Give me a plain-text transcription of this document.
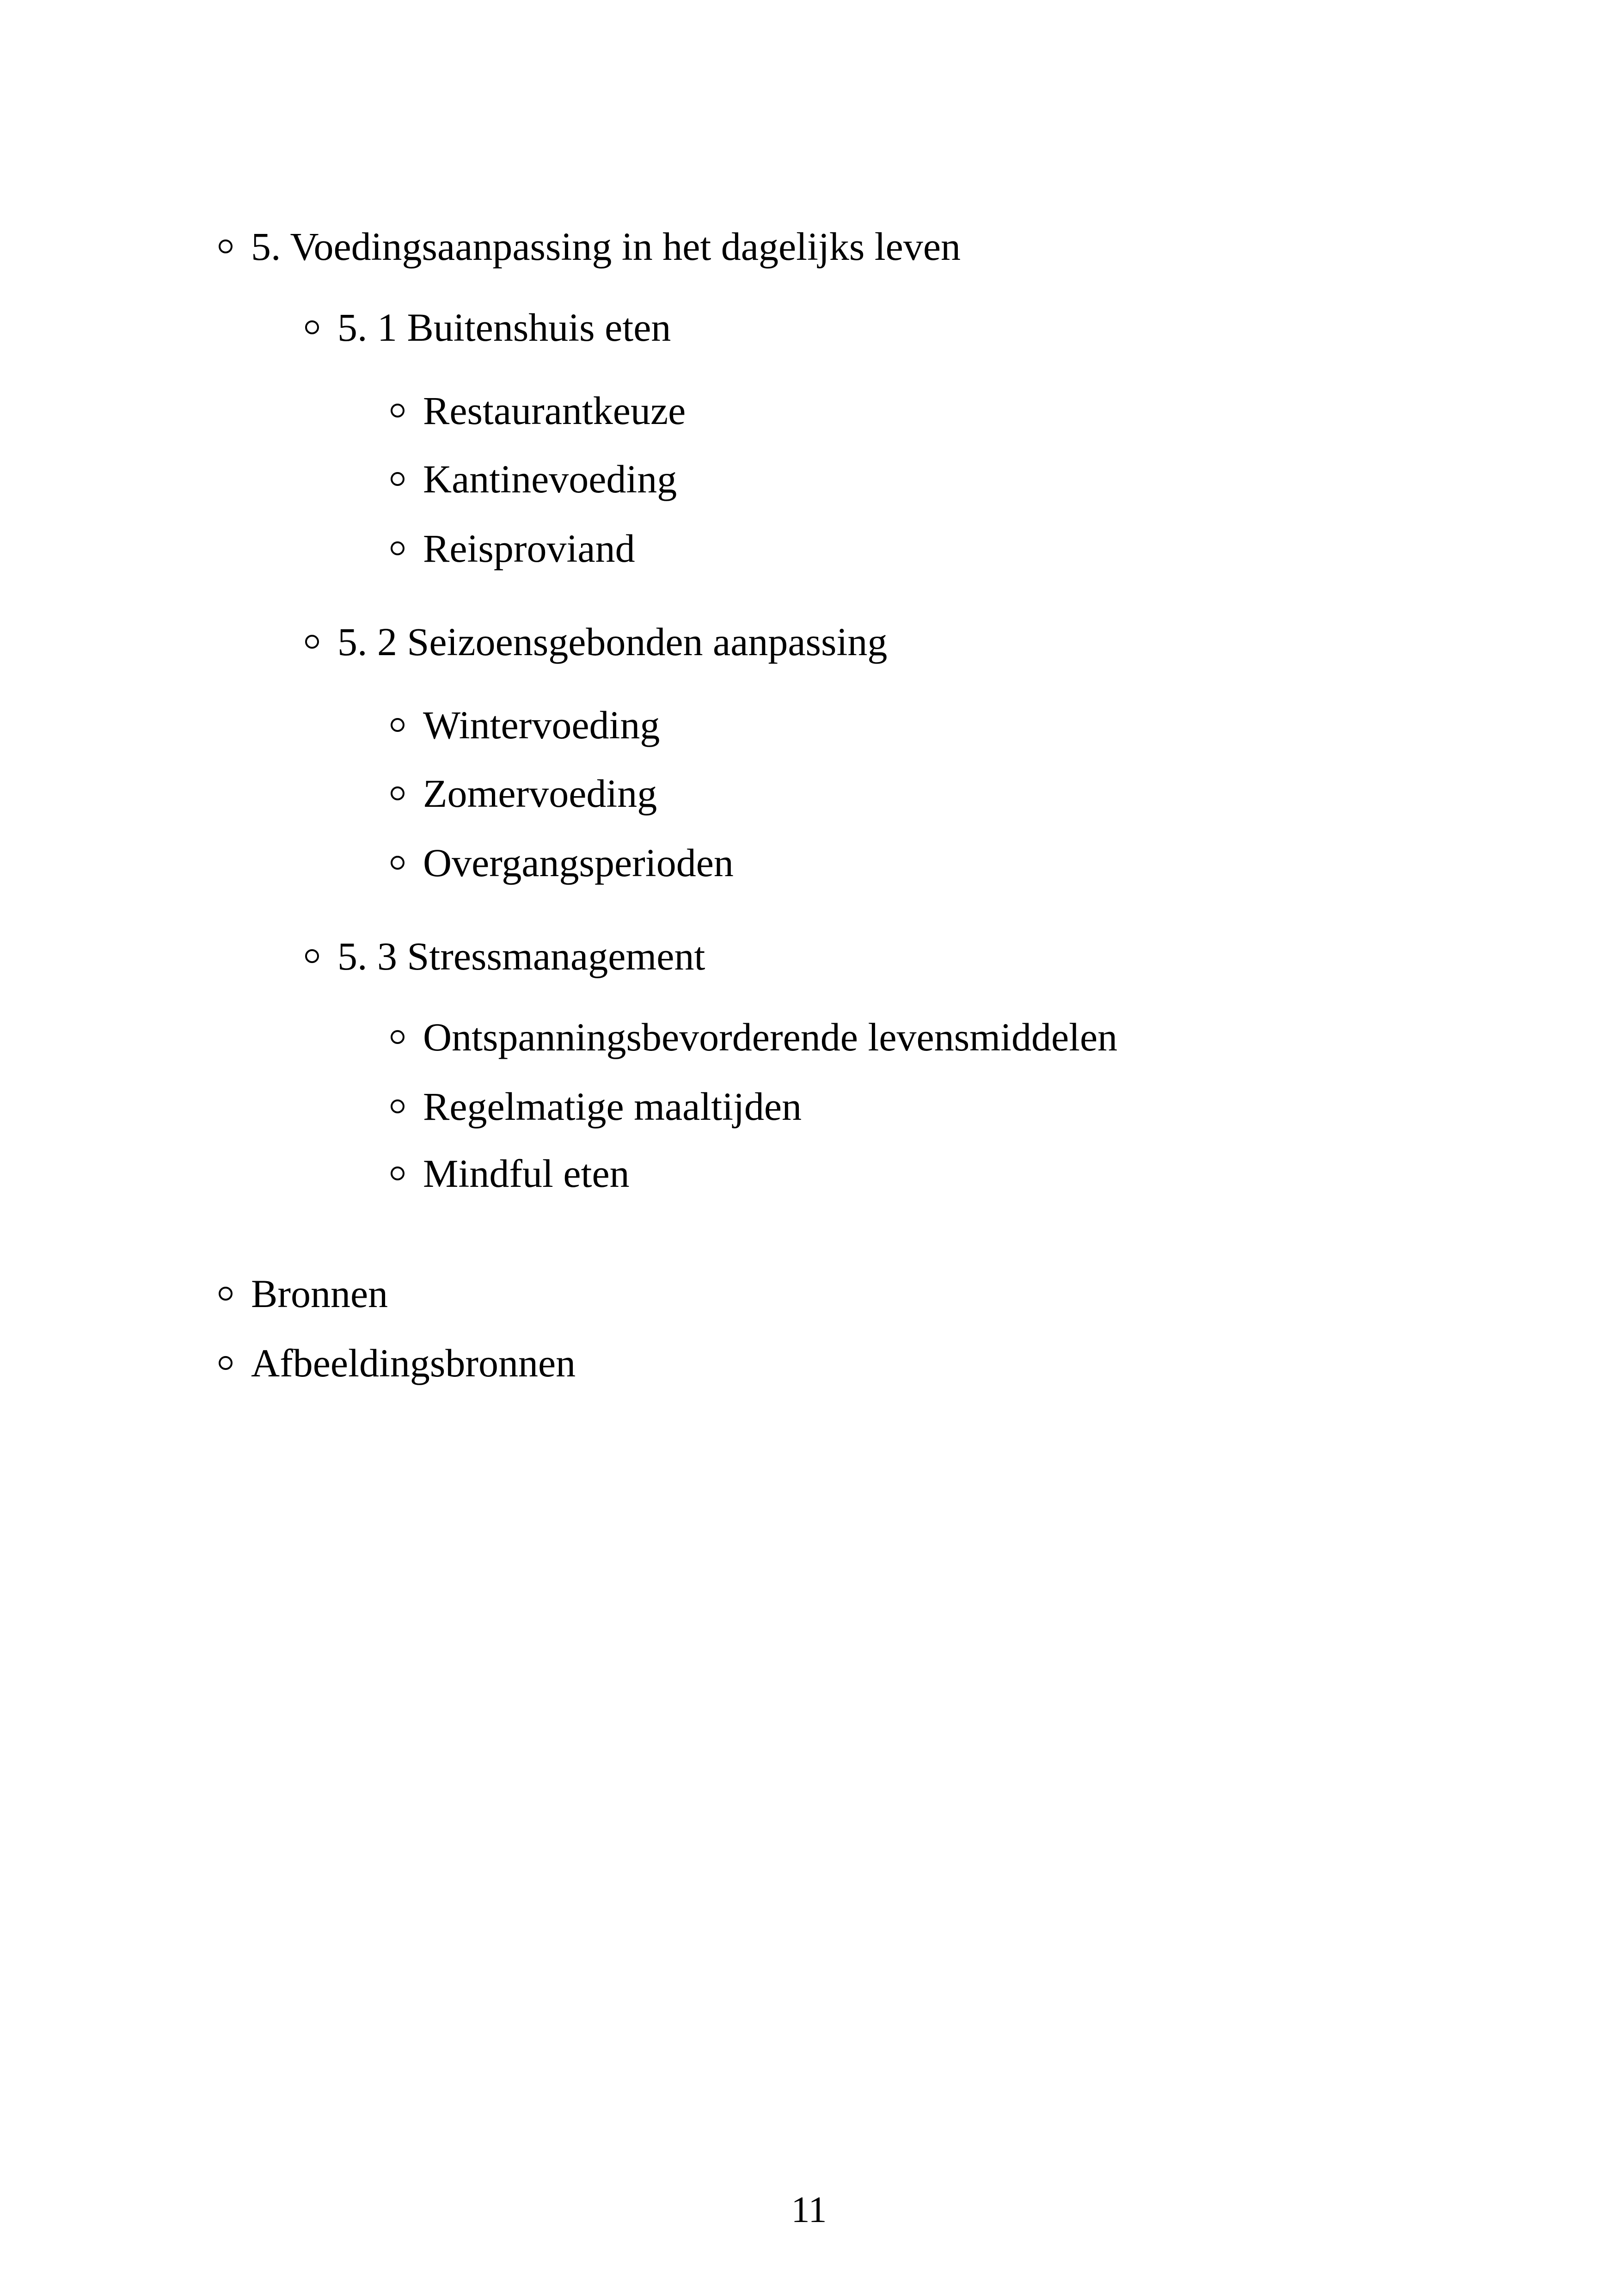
5. Voedingsaanpassing in het dagelijks leven
5. 1 Buitenshuis eten
Restaurantkeuze
Kantinevoeding
Reisproviand
5. 2 Seizoensgebonden aanpassing
Wintervoeding
Zomervoeding
Overgangsperioden
5. 3 Stressmanagement
Ontspanningsbevorderende levensmiddelen
Regelmatige maaltijden
Mindful eten
Bronnen
Afbeeldingsbronnen
11
